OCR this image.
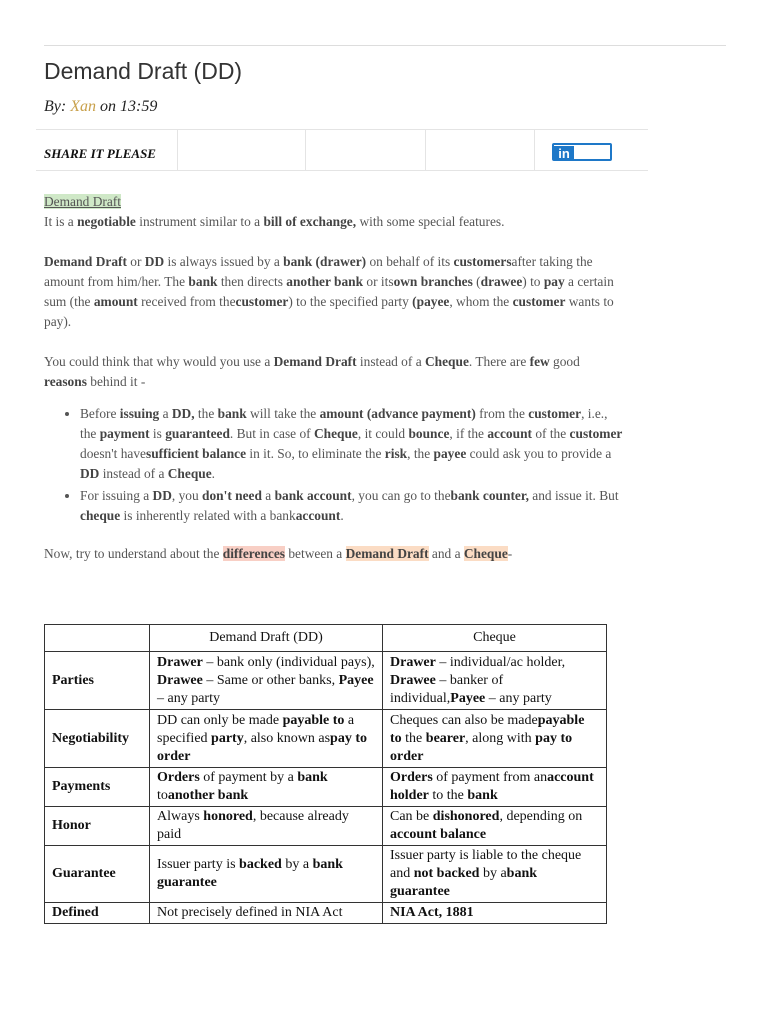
Demand Draft (DD)
By: Xan on 13:59
SHARE IT PLEASE	in

Demand Draft

It is a negotiable instrument similar to a bill of exchange, with some special features.

Demand Draft or DD is always issued by a bank (drawer) on behalf of its customersafter taking the amount from him/her. The bank then directs another bank or itsown branches (drawee) to pay a certain sum (the amount received from thecustomer) to the specified party (payee, whom the customer wants to pay).

You could think that why would you use a Demand Draft instead of a Cheque. There are few good reasons behind it -

• Before issuing a DD, the bank will take the amount (advance payment) from the customer, i.e., the payment is guaranteed. But in case of Cheque, it could bounce, if the account of the customer doesn't havesufficient balance in it. So, to eliminate the risk, the payee could ask you to provide a DD instead of a Cheque.
• For issuing a DD, you don't need a bank account, you can go to thebank counter, and issue it. But cheque is inherently related with a bankaccount.

Now, try to understand about the differences between a Demand Draft and a Cheque-

	Demand Draft (DD)	Cheque
Parties	Drawer – bank only (individual pays), Drawee – Same or other banks, Payee – any party	Drawer – individual/ac holder, Drawee – banker of individual,Payee – any party
Negotiability	DD can only be made payable to a specified party, also known aspay to order	Cheques can also be madepayable to the bearer, along with pay to order
Payments	Orders of payment by a bank toanother bank	Orders of payment from anaccount holder to the bank
Honor	Always honored, because already paid	Can be dishonored, depending on account balance
Guarantee	Issuer party is backed by a bank guarantee	Issuer party is liable to the cheque and not backed by abank guarantee
Defined	Not precisely defined in NIA Act	NIA Act, 1881
